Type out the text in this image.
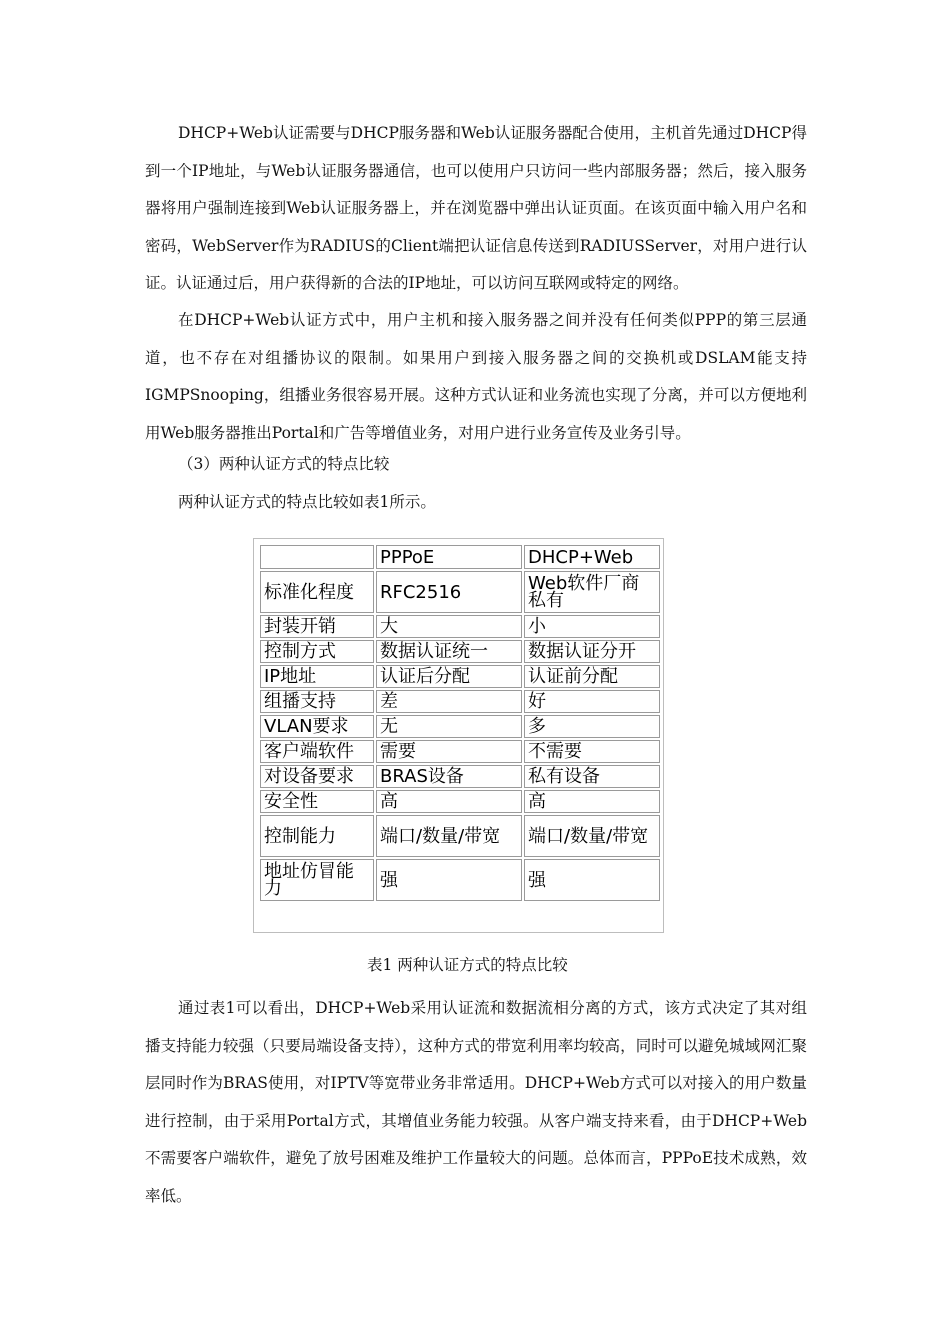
DHCP+Web认证需要与DHCP服务器和Web认证服务器配合使用，主机首先通过DHCP得到一个IP地址，与Web认证服务器通信，也可以使用户只访问一些内部服务器；然后，接入服务器将用户强制连接到Web认证服务器上，并在浏览器中弹出认证页面。在该页面中输入用户名和密码，WebServer作为RADIUS的Client端把认证信息传送到RADIUSServer，对用户进行认证。认证通过后，用户获得新的合法的IP地址，可以访问互联网或特定的网络。

在DHCP+Web认证方式中，用户主机和接入服务器之间并没有任何类似PPP的第三层通道，也不存在对组播协议的限制。如果用户到接入服务器之间的交换机或DSLAM能支持IGMPSnooping，组播业务很容易开展。这种方式认证和业务流也实现了分离，并可以方便地利用Web服务器推出Portal和广告等增值业务，对用户进行业务宣传及业务引导。

（3）两种认证方式的特点比较

两种认证方式的特点比较如表1所示。

	PPPoE	DHCP+Web
标准化程度	RFC2516	Web软件厂商私有
封装开销	大	小
控制方式	数据认证统一	数据认证分开
IP地址	认证后分配	认证前分配
组播支持	差	好
VLAN要求	无	多
客户端软件	需要	不需要
对设备要求	BRAS设备	私有设备
安全性	高	高
控制能力	端口/数量/带宽	端口/数量/带宽
地址仿冒能力	强	强

表1 两种认证方式的特点比较

通过表1可以看出，DHCP+Web采用认证流和数据流相分离的方式，该方式决定了其对组播支持能力较强（只要局端设备支持），这种方式的带宽利用率均较高，同时可以避免城域网汇聚层同时作为BRAS使用，对IPTV等宽带业务非常适用。DHCP+Web方式可以对接入的用户数量进行控制，由于采用Portal方式，其增值业务能力较强。从客户端支持来看，由于DHCP+Web不需要客户端软件，避免了放号困难及维护工作量较大的问题。总体而言，PPPoE技术成熟，效率低。
